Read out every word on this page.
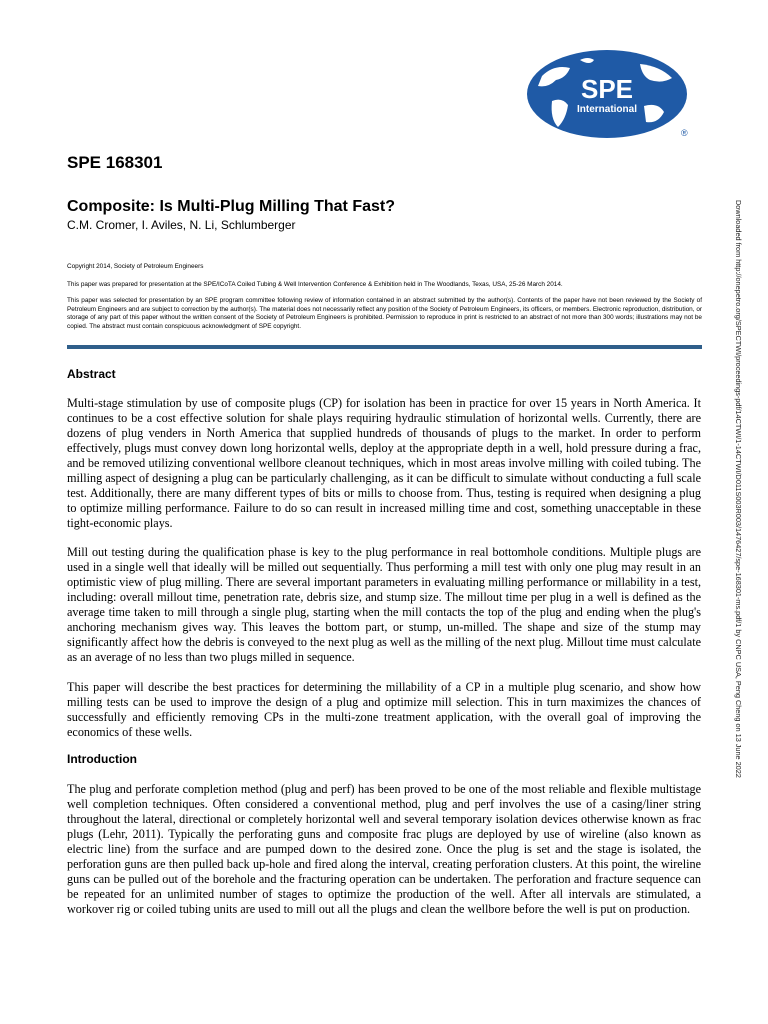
SPE
International
®
SPE 168301
Composite: Is Multi-Plug Milling That Fast?
C.M. Cromer, I. Aviles, N. Li, Schlumberger
Copyright 2014, Society of Petroleum Engineers
This paper was prepared for presentation at the SPE/ICoTA Coiled Tubing & Well Intervention Conference & Exhibition held in The Woodlands, Texas, USA, 25-26 March 2014.
This paper was selected for presentation by an SPE program committee following review of information contained in an abstract submitted by the author(s). Contents of the paper have not been reviewed by the Society of Petroleum Engineers and are subject to correction by the author(s). The material does not necessarily reflect any position of the Society of Petroleum Engineers, its officers, or members. Electronic reproduction, distribution, or storage of any part of this paper without the written consent of the Society of Petroleum Engineers is prohibited. Permission to reproduce in print is restricted to an abstract of not more than 300 words; illustrations may not be copied. The abstract must contain conspicuous acknowledgment of SPE copyright.
Abstract
Multi-stage stimulation by use of composite plugs (CP) for isolation has been in practice for over 15 years in North America. It continues to be a cost effective solution for shale plays requiring hydraulic stimulation of horizontal wells. Currently, there are dozens of plug venders in North America that supplied hundreds of thousands of plugs to the market. In order to perform effectively, plugs must convey down long horizontal wells, deploy at the appropriate depth in a well, hold pressure during a frac, and be removed utilizing conventional wellbore cleanout techniques, which in most areas involve milling with coiled tubing. The milling aspect of designing a plug can be particularly challenging, as it can be difficult to simulate without conducting a full scale test. Additionally, there are many different types of bits or mills to choose from. Thus, testing is required when designing a plug to optimize milling performance. Failure to do so can result in increased milling time and cost, something unacceptable in these tight-economic plays.
Mill out testing during the qualification phase is key to the plug performance in real bottomhole conditions. Multiple plugs are used in a single well that ideally will be milled out sequentially. Thus performing a mill test with only one plug may result in an optimistic view of plug milling. There are several important parameters in evaluating milling performance or millability in a test, including: overall millout time, penetration rate, debris size, and stump size. The millout time per plug in a well is defined as the average time taken to mill through a single plug, starting when the mill contacts the top of the plug and ending when the plug's anchoring mechanism gives way. This leaves the bottom part, or stump, un-milled. The shape and size of the stump may significantly affect how the debris is conveyed to the next plug as well as the milling of the next plug. Millout time must calculate as an average of no less than two plugs milled in sequence.
This paper will describe the best practices for determining the millability of a CP in a multiple plug scenario, and show how milling tests can be used to improve the design of a plug and optimize mill selection. This in turn maximizes the chances of successfully and efficiently removing CPs in the multi-zone treatment application, with the overall goal of improving the economics of these wells.
Introduction
The plug and perforate completion method (plug and perf) has been proved to be one of the most reliable and flexible multistage well completion techniques. Often considered a conventional method, plug and perf involves the use of a casing/liner string throughout the lateral, directional or completely horizontal well and several temporary isolation devices otherwise known as frac plugs (Lehr, 2011). Typically the perforating guns and composite frac plugs are deployed by use of wireline (also known as electric line) from the surface and are pumped down to the desired zone. Once the plug is set and the stage is isolated, the perforation guns are then pulled back up-hole and fired along the interval, creating perforation clusters. At this point, the wireline guns can be pulled out of the borehole and the fracturing operation can be undertaken. The perforation and fracture sequence can be repeated for an unlimited number of stages to optimize the production of the well. After all intervals are stimulated, a workover rig or coiled tubing units are used to mill out all the plugs and clean the wellbore before the well is put on production.
Downloaded from http://onepetro.org/SPECTWI/proceedings-pdf/14CTWI/1-14CTWI/D011S003R003/1476427/spe-168301-ms.pdf/1 by CNPC USA, Peng Cheng on 13 June 2022
